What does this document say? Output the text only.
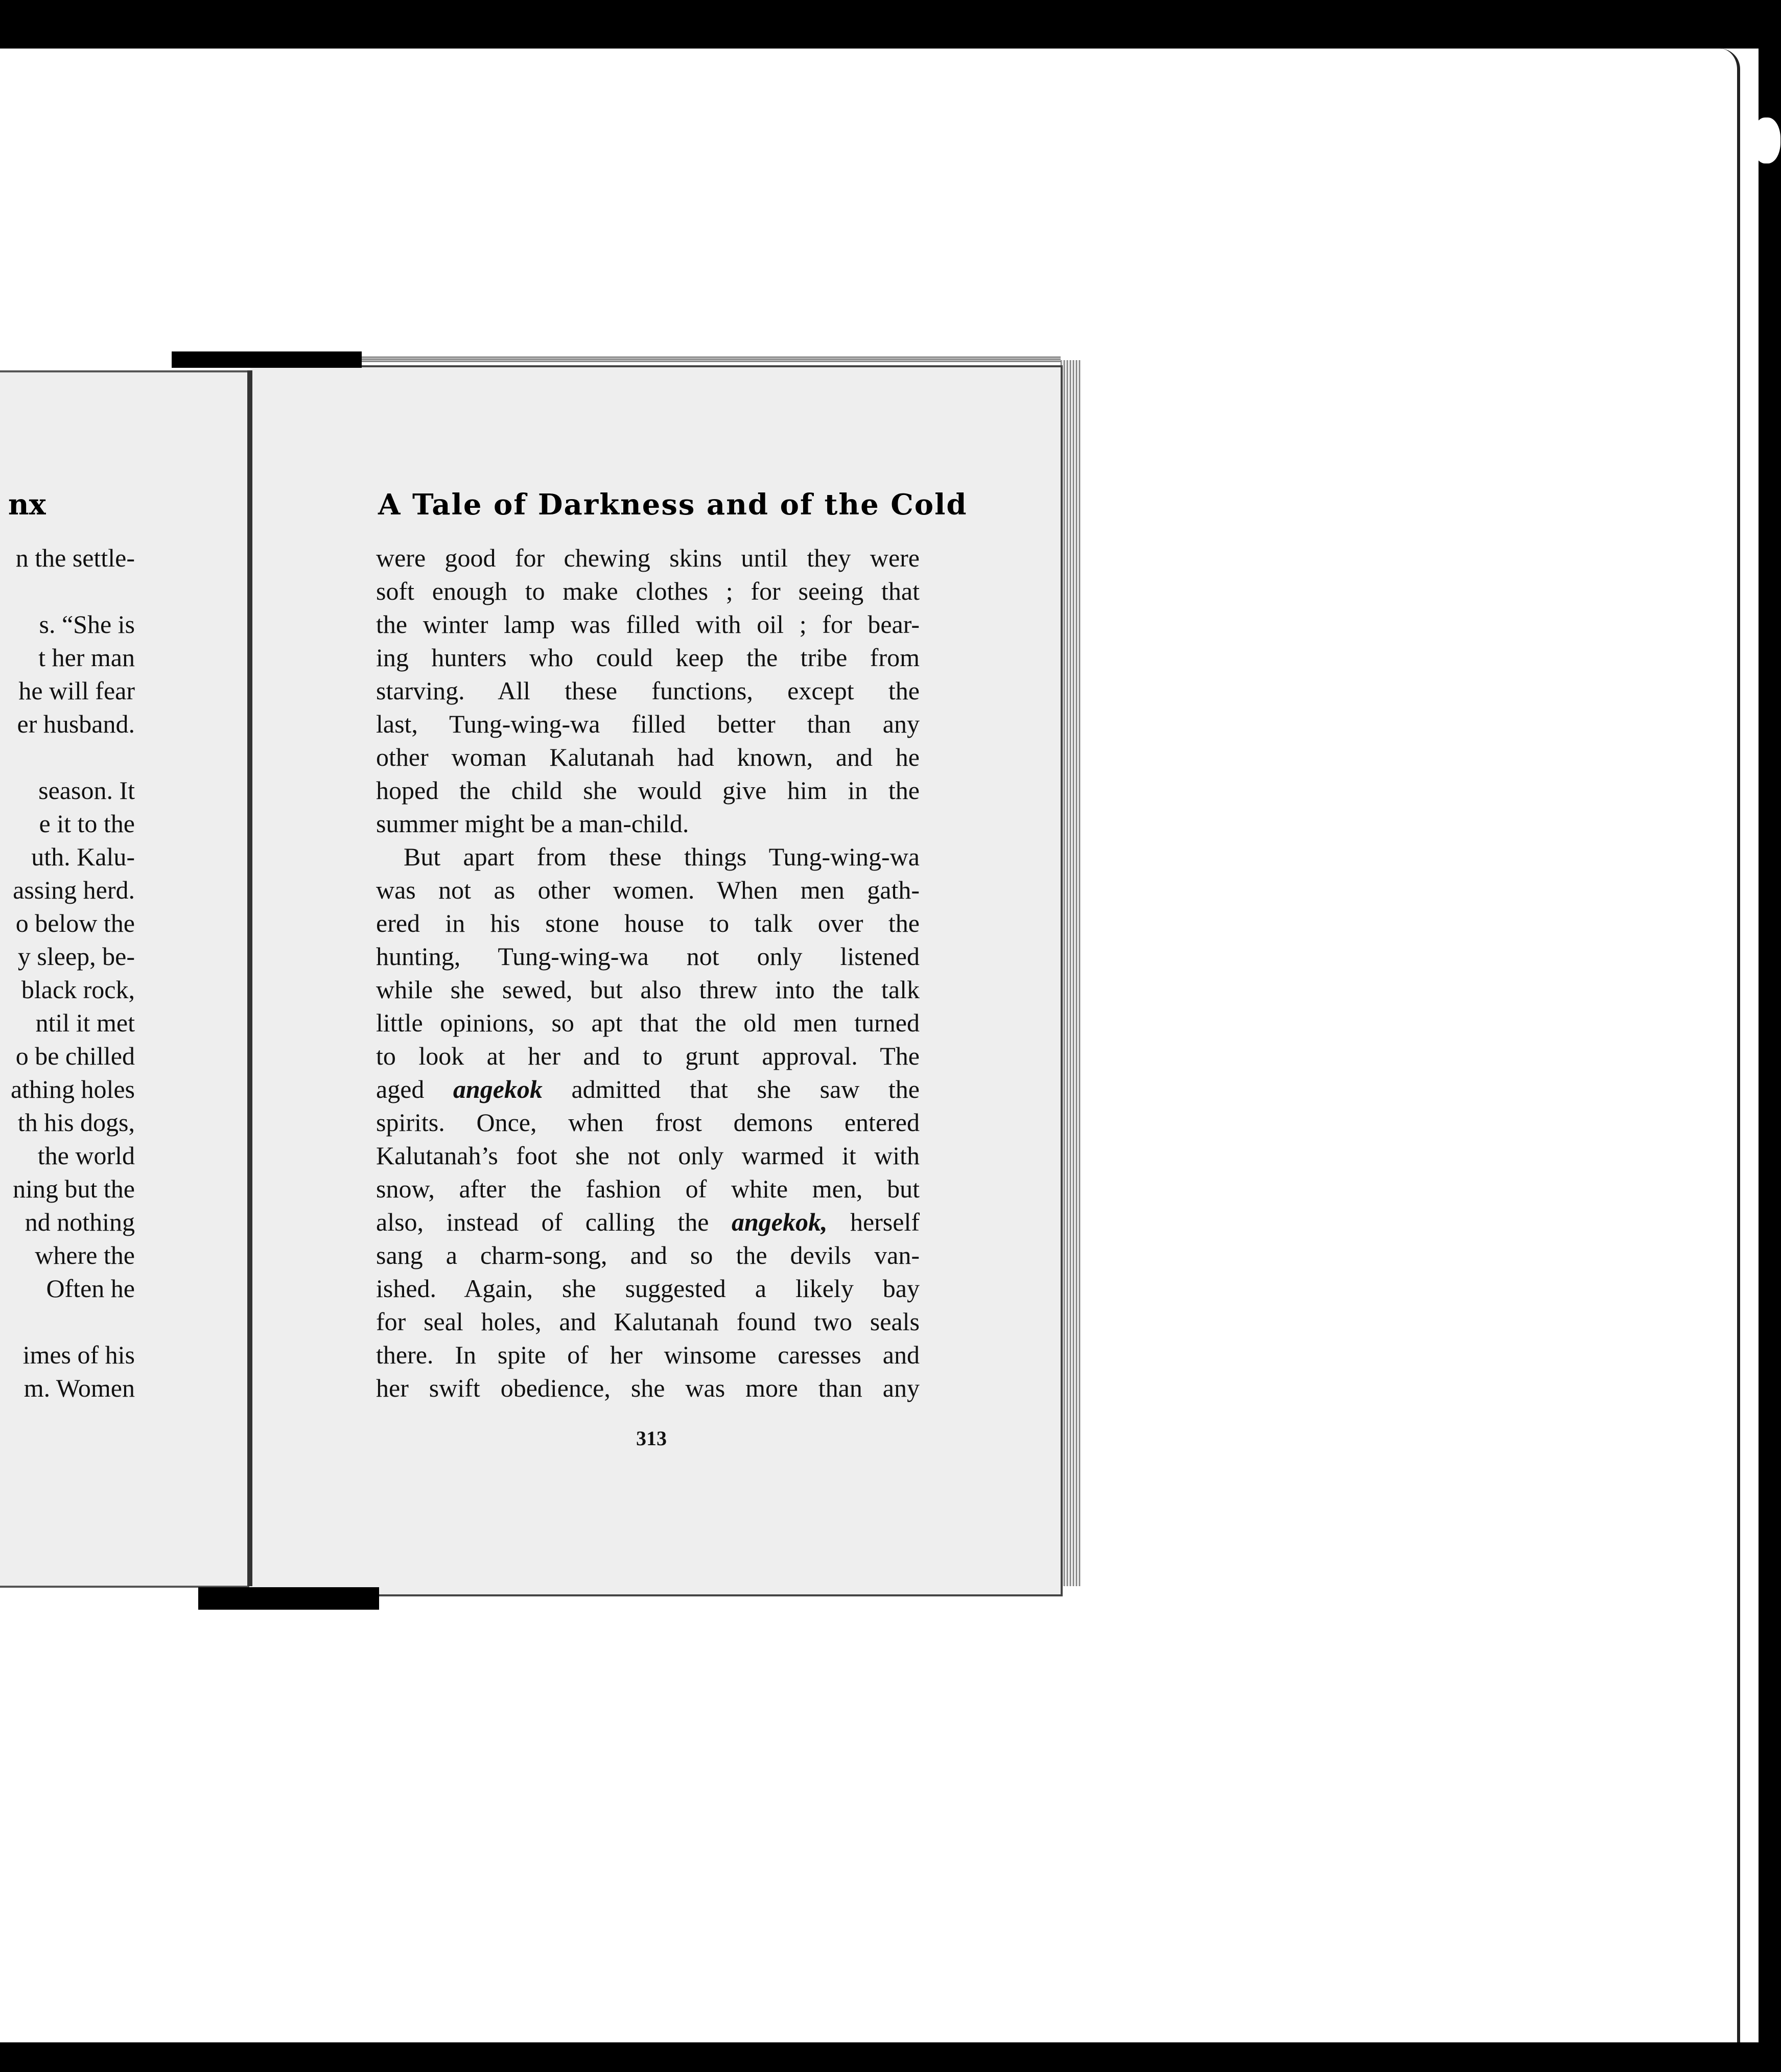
nx
n the settle-
s. “She is
t her man
he will fear
er husband.
season. It
e it to the
uth. Kalu-
assing herd.
o below the
y sleep, be-
black rock,
ntil it met
o be chilled
athing holes
th his dogs,
the world
ning but the
nd nothing
where the
Often he
imes of his
m. Women
A Tale of Darkness and of the Cold
were good for chewing skins until they were
soft enough to make clothes ; for seeing that
the winter lamp was filled with oil ; for bear-
ing hunters who could keep the tribe from
starving. All these functions, except the
last, Tung-wing-wa filled better than any
other woman Kalutanah had known, and he
hoped the child she would give him in the
summer might be a man-child.
But apart from these things Tung-wing-wa
was not as other women. When men gath-
ered in his stone house to talk over the
hunting, Tung-wing-wa not only listened
while she sewed, but also threw into the talk
little opinions, so apt that the old men turned
to look at her and to grunt approval. The
aged angekok admitted that she saw the
spirits. Once, when frost demons entered
Kalutanah’s foot she not only warmed it with
snow, after the fashion of white men, but
also, instead of calling the angekok, herself
sang a charm-song, and so the devils van-
ished. Again, she suggested a likely bay
for seal holes, and Kalutanah found two seals
there. In spite of her winsome caresses and
her swift obedience, she was more than any
313
